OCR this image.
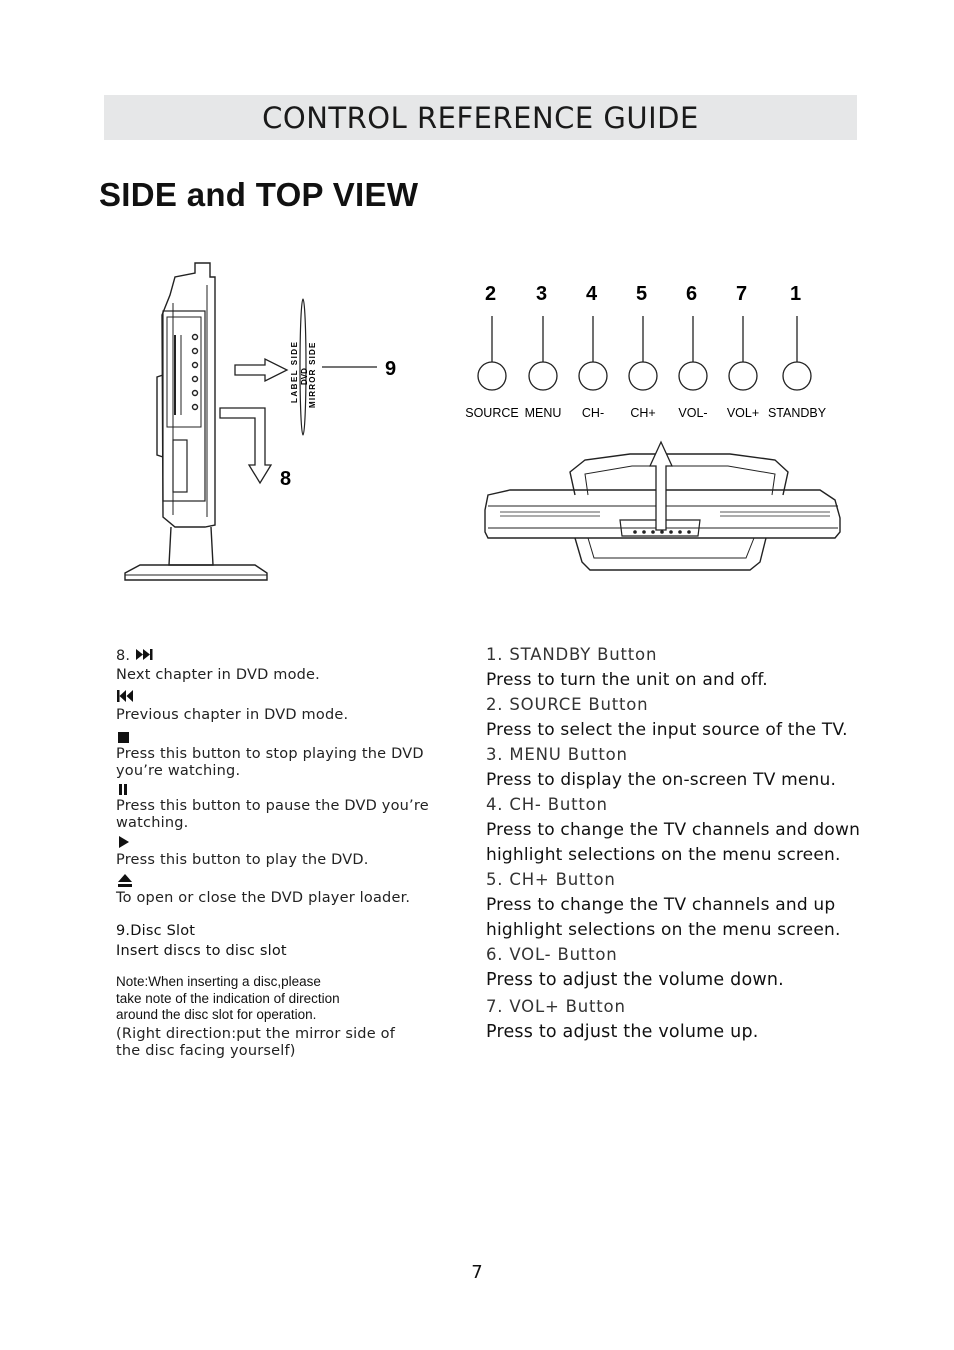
CONTROL REFERENCE GUIDE
SIDE and TOP VIEW
LABEL SIDE DVD MIRROR SIDE	9
8
2
SOURCE
3
MENU
4
CH-
5
CH+
6
VOL-
7
VOL+
1
STANDBY
8.
Next chapter in DVD mode.
Previous chapter in DVD mode.
Press this button to stop playing the DVD
you’re watching.
Press this button to pause the DVD you’re
watching.
Press this button to play the DVD.
To open or close the DVD player loader.
9.Disc Slot
Insert discs to disc slot
Note:When inserting a disc,please
take note of the indication of direction
around the disc slot for operation.
(Right direction:put the mirror side of
the disc facing yourself)
1. STANDBY Button
Press to turn the unit on and off.
2. SOURCE Button
Press to select the input source of the TV.
3. MENU Button
Press to display the on-screen TV menu.
4. CH- Button
Press to change the TV channels and down
highlight selections on the menu screen.
5. CH+ Button
Press to change the TV channels and up
highlight selections on the menu screen.
6. VOL- Button
Press to adjust the volume down.
7. VOL+ Button
Press to adjust the volume up.
7
